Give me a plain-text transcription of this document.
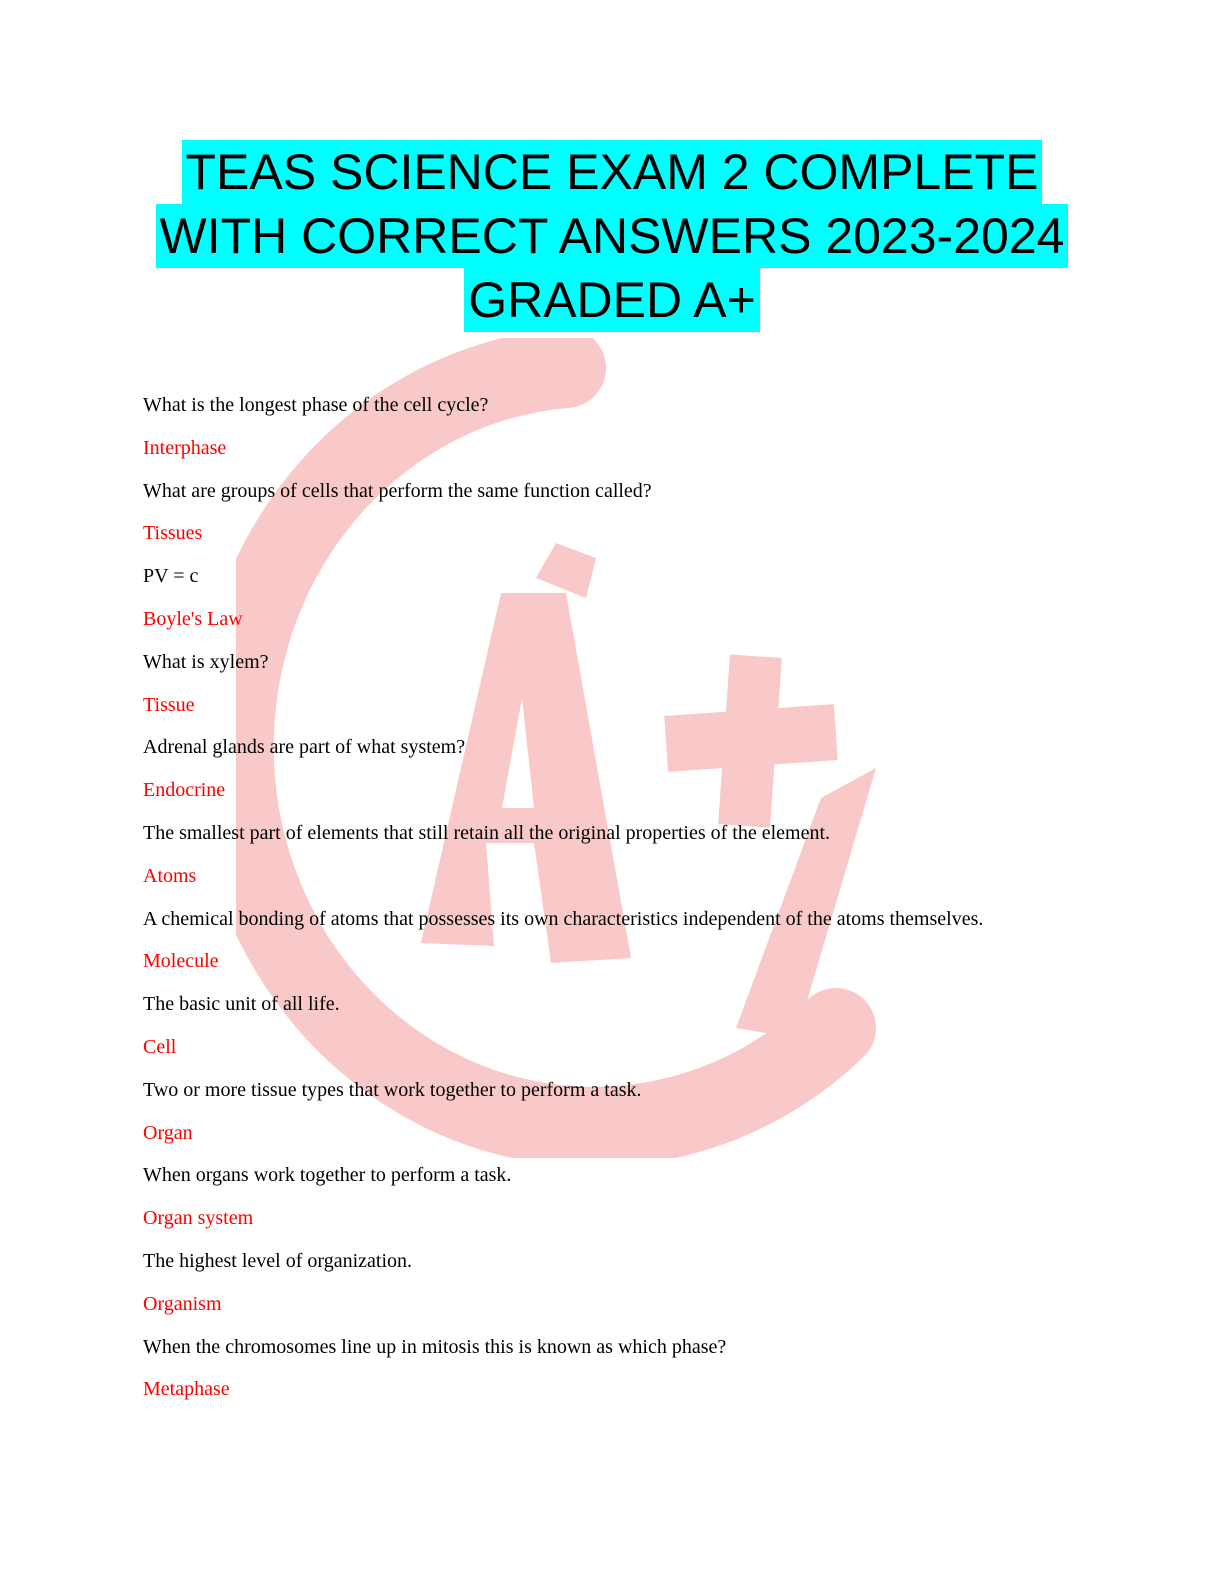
TEAS SCIENCE EXAM 2 COMPLETE
WITH CORRECT ANSWERS 2023-2024
GRADED A+

What is the longest phase of the cell cycle?

Interphase

What are groups of cells that perform the same function called?

Tissues

PV = c

Boyle's Law

What is xylem?

Tissue

Adrenal glands are part of what system?

Endocrine

The smallest part of elements that still retain all the original properties of the element.

Atoms

A chemical bonding of atoms that possesses its own characteristics independent of the atoms themselves.

Molecule

The basic unit of all life.

Cell

Two or more tissue types that work together to perform a task.

Organ

When organs work together to perform a task.

Organ system

The highest level of organization.

Organism

When the chromosomes line up in mitosis this is known as which phase?

Metaphase
